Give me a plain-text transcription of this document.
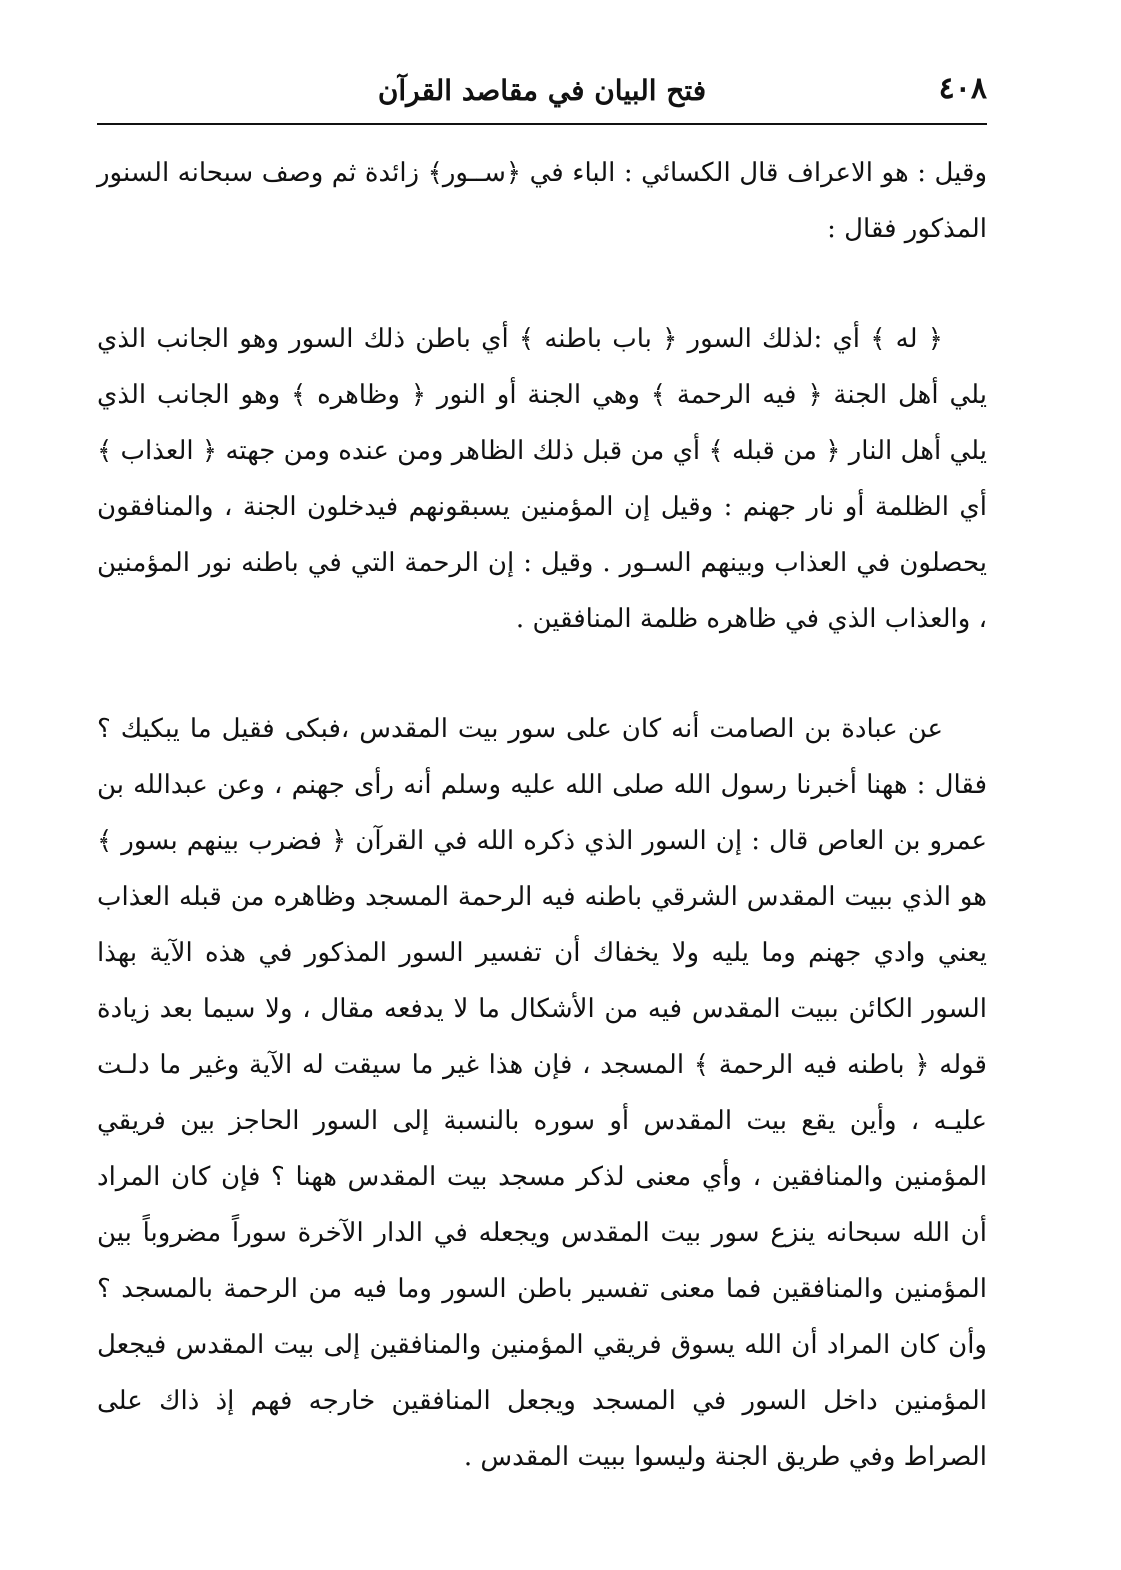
٤٠٨
فتح البيان في مقاصد القرآن

وقيل : هو الاعراف قال الكسائي : الباء في ﴿ســور﴾ زائدة ثم وصف سبحانه السنور المذكور فقال :

﴿ له ﴾ أي :لذلك السور ﴿ باب باطنه ﴾ أي باطن ذلك السور وهو الجانب الذي يلي أهل الجنة ﴿ فيه الرحمة ﴾ وهي الجنة أو النور ﴿ وظاهره ﴾ وهو الجانب الذي يلي أهل النار ﴿ من قبله ﴾ أي من قبل ذلك الظاهر ومن عنده ومن جهته ﴿ العذاب ﴾ أي الظلمة أو نار جهنم : وقيل إن المؤمنين يسبقونهم فيدخلون الجنة ، والمنافقون يحصلون في العذاب وبينهم السـور . وقيل : إن الرحمة التي في باطنه نور المؤمنين ، والعذاب الذي في ظاهره ظلمة المنافقين .

عن عبادة بن الصامت أنه كان على سور بيت المقدس ،فبكى فقيل ما يبكيك ؟فقال : ههنا أخبرنا رسول الله صلى الله عليه وسلم أنه رأى جهنم ، وعن عبدالله بن عمرو بن العاص قال : إن السور الذي ذكره الله في القرآن ﴿ فضرب بينهم بسور ﴾ هو الذي ببيت المقدس الشرقي باطنه فيه الرحمة المسجد وظاهره من قبله العذاب يعني وادي جهنم وما يليه ولا يخفاك أن تفسير السور المذكور في هذه الآية بهذا السور الكائن ببيت المقدس فيه من الأشكال ما لا يدفعه مقال ، ولا سيما بعد زيادة قوله ﴿ باطنه فيه الرحمة ﴾ المسجد ، فإن هذا غير ما سيقت له الآية وغير ما دلـت عليـه ، وأين يقع بيت المقدس أو سوره بالنسبة إلى السور الحاجز بين فريقي المؤمنين والمنافقين ، وأي معنى لذكر مسجد بيت المقدس ههنا ؟ فإن كان المراد أن الله سبحانه ينزع سور بيت المقدس ويجعله في الدار الآخرة سوراً مضروباً بين المؤمنين والمنافقين فما معنى تفسير باطن السور وما فيه من الرحمة بالمسجد ؟ وأن كان المراد أن الله يسوق فريقي المؤمنين والمنافقين إلى بيت المقدس فيجعل المؤمنين داخل السور في المسجد ويجعل المنافقين خارجه فهم إذ ذاك على الصراط وفي طريق الجنة وليسوا ببيت المقدس .
